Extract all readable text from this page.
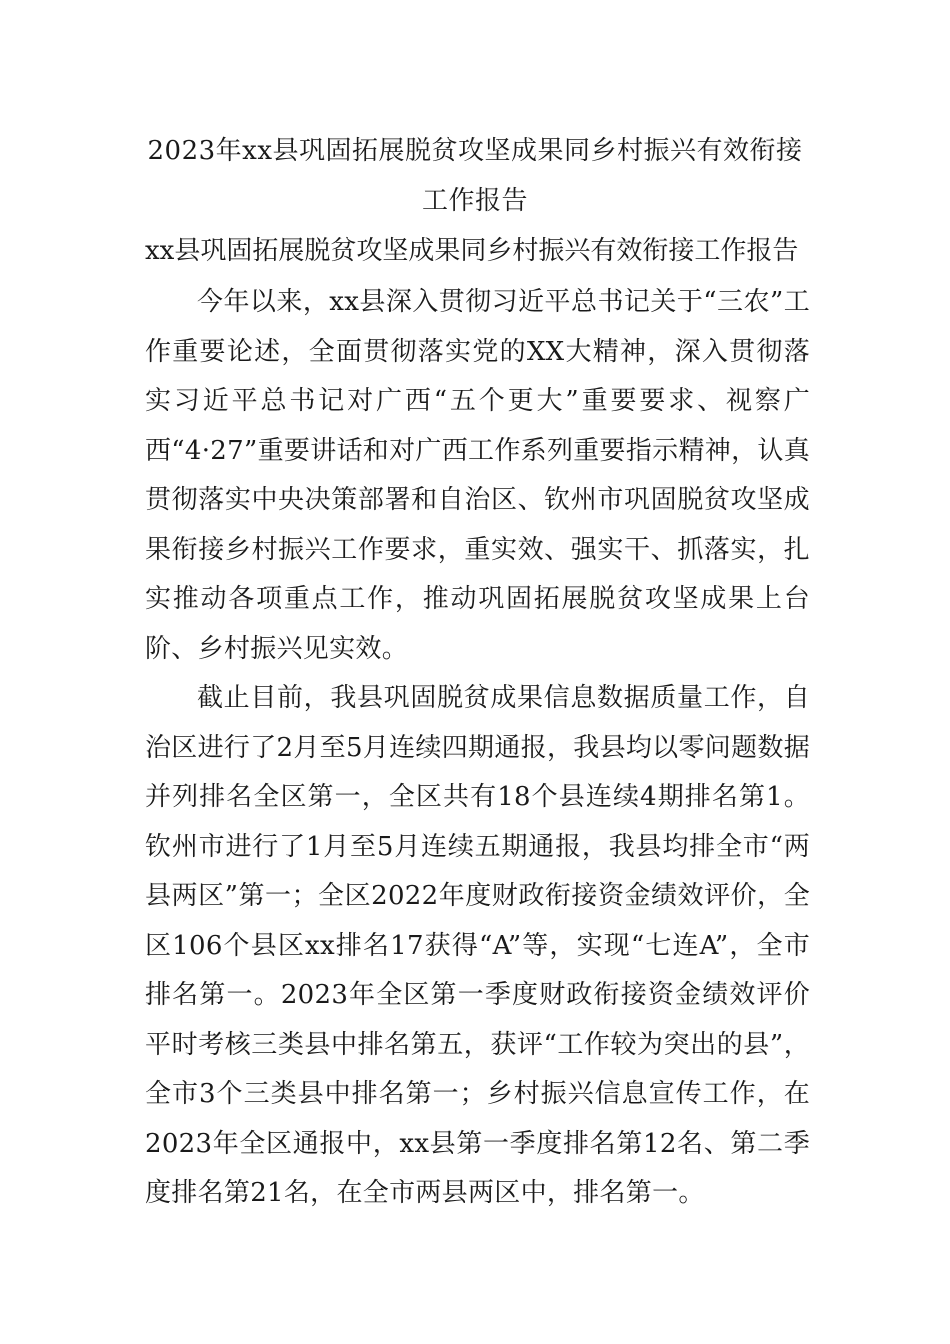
2023年xx县巩固拓展脱贫攻坚成果同乡村振兴有效衔接
工作报告
xx县巩固拓展脱贫攻坚成果同乡村振兴有效衔接工作报告

今年以来，xx县深入贯彻习近平总书记关于“三农”工作重要论述，全面贯彻落实党的XX大精神，深入贯彻落实习近平总书记对广西“五个更大”重要要求、视察广西“4·27”重要讲话和对广西工作系列重要指示精神，认真贯彻落实中央决策部署和自治区、钦州市巩固脱贫攻坚成果衔接乡村振兴工作要求，重实效、强实干、抓落实，扎实推动各项重点工作，推动巩固拓展脱贫攻坚成果上台阶、乡村振兴见实效。

截止目前，我县巩固脱贫成果信息数据质量工作，自治区进行了2月至5月连续四期通报，我县均以零问题数据并列排名全区第一，全区共有18个县连续4期排名第1。钦州市进行了1月至5月连续五期通报，我县均排全市“两县两区”第一；全区2022年度财政衔接资金绩效评价，全区106个县区xx排名17获得“A”等，实现“七连A”，全市排名第一。2023年全区第一季度财政衔接资金绩效评价平时考核三类县中排名第五，获评“工作较为突出的县”，全市3个三类县中排名第一；乡村振兴信息宣传工作，在2023年全区通报中，xx县第一季度排名第12名、第二季度排名第21名，在全市两县两区中，排名第一。
